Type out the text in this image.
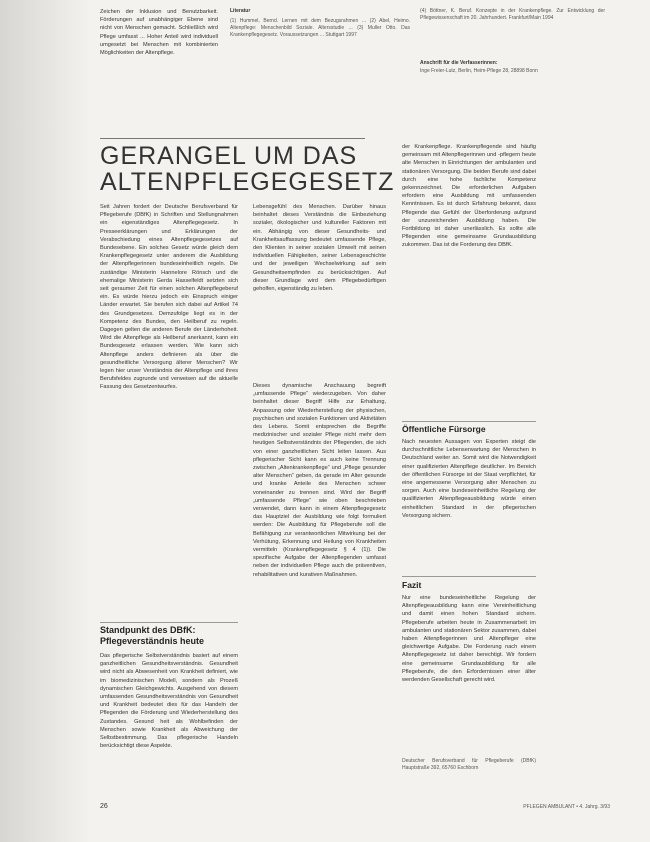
Zeichen der Inklusion und Benutzbarkeit. Förderungen auf unabhängiger Ebene sind nicht von Menschen gemacht. Schließlich wird Pflege umfasst ... Hoher Anteil wird individuell umgesetzt bei Menschen mit kombinierten Möglichkeiten der Altenpflege.
Literatur
(1) Hummel, Bernd. Lernen mit dem Bezugsrahmen ... (2) Abel, Heimo. Altenpflege: Menschenbild Soziale. Altersstudie ... (3) Muller Otto. Das Krankenpflegegesetz. Voraussetzungen ... Stuttgart 1997
(4) Böttner, K. Beruf. Konzepte in der Krankenpflege. Zur Entwicklung der Pflegewissenschaft im 20. Jahrhundert. Frankfurt/Main 1994
Anschrift für die Verfasserinnen:
Inge Freier-Lutz, Berlin, Heim-Pflege 28, 28898 Bonn
GERANGEL UM DAS ALTENPFLEGEGESETZ
Seit Jahren fordert der Deutsche Berufsverband für Pflegeberufe (DBfK) in Schriften und Stellungnahmen ein eigenständiges Altenpflegegesetz. In Presseerklärungen und Erklärungen der Verabschiedung eines Altenpflegegesetzes auf Bundesebene. Ein solches Gesetz würde gleich dem Krankenpflegegesetz unter anderem die Ausbildung der Altenpflegerinnen bundeseinheitlich regeln. Die zuständige Ministerin Hannelore Rönsch und die ehemalige Ministerin Gerda Hasselfeldt setzten sich seit geraumer Zeit für einen solchen Altenpflegeberuf ein. Es würde hierzu jedoch ein Einspruch einiger Länder erwartet. Sie berufen sich dabei auf Artikel 74 des Grundgesetzes. Demzufolge liegt es in der Kompetenz des Bundes, den Heilberuf zu regeln. Dagegen gelten die anderen Berufe der Länderhoheit. Wird die Altenpflege als Heilberuf anerkannt, kann ein Bundesgesetz erlassen werden. Wie kann sich Altenpflege anders definieren als über die gesundheitliche Versorgung älterer Menschen? Wir legen hier unser Verständnis der Altenpflege und ihres Berufsfeldes zugrunde und verweisen auf die aktuelle Fassung des Gesetzentwurfes.
Standpunkt des DBfK: Pflegeverständnis heute
Das pflegerische Selbstverständnis basiert auf einem ganzheitlichen Gesundheitsverständnis. Gesundheit wird nicht als Abwesenheit von Krankheit definiert, wie im biomedizinischen Modell, sondern als Prozeß dynamischen Gleichgewichts. Ausgehend von diesem umfassenden Gesundheitsverständnis von Gesundheit und Krankheit bedeutet dies für das Handeln der Pflegenden die Förderung und Wiederherstellung des Zustandes. Gesund heit als Wohlbefinden der Menschen sowie Krankheit als Abweichung der Selbstbestimmung. Das pflegerische Handeln berücksichtigt diese Aspekte.
Lebensgefühl des Menschen. Darüber hinaus beinhaltet dieses Verständnis die Einbeziehung sozialer, ökologischer und kultureller Faktoren mit ein. Abhängig von dieser Gesundheits- und Krankheitsauffassung bedeutet umfassende Pflege, den Klienten in seiner sozialen Umwelt mit seinen individuellen Fähigkeiten, seiner Lebensgeschichte und der jeweiligen Wechselwirkung auf sein Gesundheitsempfinden zu berücksichtigen. Auf dieser Grundlage wird dem Pflegebedürftigen geholfen, eigenständig zu leben.
Dieses dynamische Anschauung begreift „umfassende Pflege“ wiederzugeben. Von daher beinhaltet dieser Begriff Hilfe zur Erhaltung, Anpassung oder Wiederherstellung der physischen, psychischen und sozialen Funktionen und Aktivitäten des Lebens. Somit entsprechen die Begriffe medizinischer und sozialer Pflege nicht mehr dem heutigen Selbstverständnis der Pflegenden, die sich von einer ganzheitlichen Sicht leiten lassen. Aus pflegerischer Sicht kann es auch keine Trennung zwischen „Altenkrankenpflege“ und „Pflege gesunder alter Menschen“ geben, da gerade im Alter gesunde und kranke Anteile des Menschen schwer voneinander zu trennen sind. Wird der Begriff „umfassende Pflege“ wie oben beschrieben verwendet, dann kann in einem Altenpflegegesetz das Hauptziel der Ausbildung wie folgt formuliert werden: Die Ausbildung für Pflegeberufe soll die Befähigung zur verantwortlichen Mitwirkung bei der Verhütung, Erkennung und Heilung von Krankheiten vermitteln (Krankenpflegegesetz § 4 (1)). Die spezifische Aufgabe der Altenpflegenden umfasst neben der individuellen Pflege auch die präventiven, rehabilitativen und kurativen Maßnahmen.
der Krankenpflege. Krankenpflegende sind häufig gemeinsam mit Altenpflegerinnen und -pflegern heute alte Menschen in Einrichtungen der ambulanten und stationären Versorgung. Die beiden Berufe sind dabei durch eine hohe fachliche Kompetenz gekennzeichnet. Die erforderlichen Aufgaben erfordern eine Ausbildung mit umfassenden Kenntnissen. Es ist durch Erfahrung bekannt, dass Pflegende das Gefühl der Überforderung aufgrund der unzureichenden Ausbildung haben. Die Fortbildung ist daher unerlässlich. Es sollte alle Pflegenden eine gemeinsame Grundausbildung zukommen. Das ist die Forderung des DBfK.
Öffentliche Fürsorge
Nach neuesten Aussagen von Experten steigt die durchschnittliche Lebenserwartung der Menschen in Deutschland weiter an. Somit wird die Notwendigkeit einer qualifizierten Altenpflege deutlicher. Im Bereich der öffentlichen Fürsorge ist der Staat verpflichtet, für eine angemessene Versorgung alter Menschen zu sorgen. Auch eine bundeseinheitliche Regelung der qualifizierten Altenpflegeausbildung würde einen einheitlichen Standard in der pflegerischen Versorgung sichern.
Fazit
Nur eine bundeseinheitliche Regelung der Altenpflegeausbildung kann eine Vereinheitlichung und damit einen hohen Standard sichern. Pflegeberufe arbeiten heute in Zusammenarbeit im ambulanten und stationären Sektor zusammen, dabei haben Altenpflegerinnen und Altenpfleger eine gleichwertige Aufgabe. Die Forderung nach einem Altenpflegegesetz ist daher berechtigt. Wir fordern eine gemeinsame Grundausbildung für alle Pflegeberufe, die den Erfordernissen einer älter werdenden Gesellschaft gerecht wird.
Deutscher Berufsverband für Pflegeberufe (DBfK) Hauptstraße 392, 65760 Eschborn
26	PFLEGEN AMBULANT • 4. Jahrg. 3/93
